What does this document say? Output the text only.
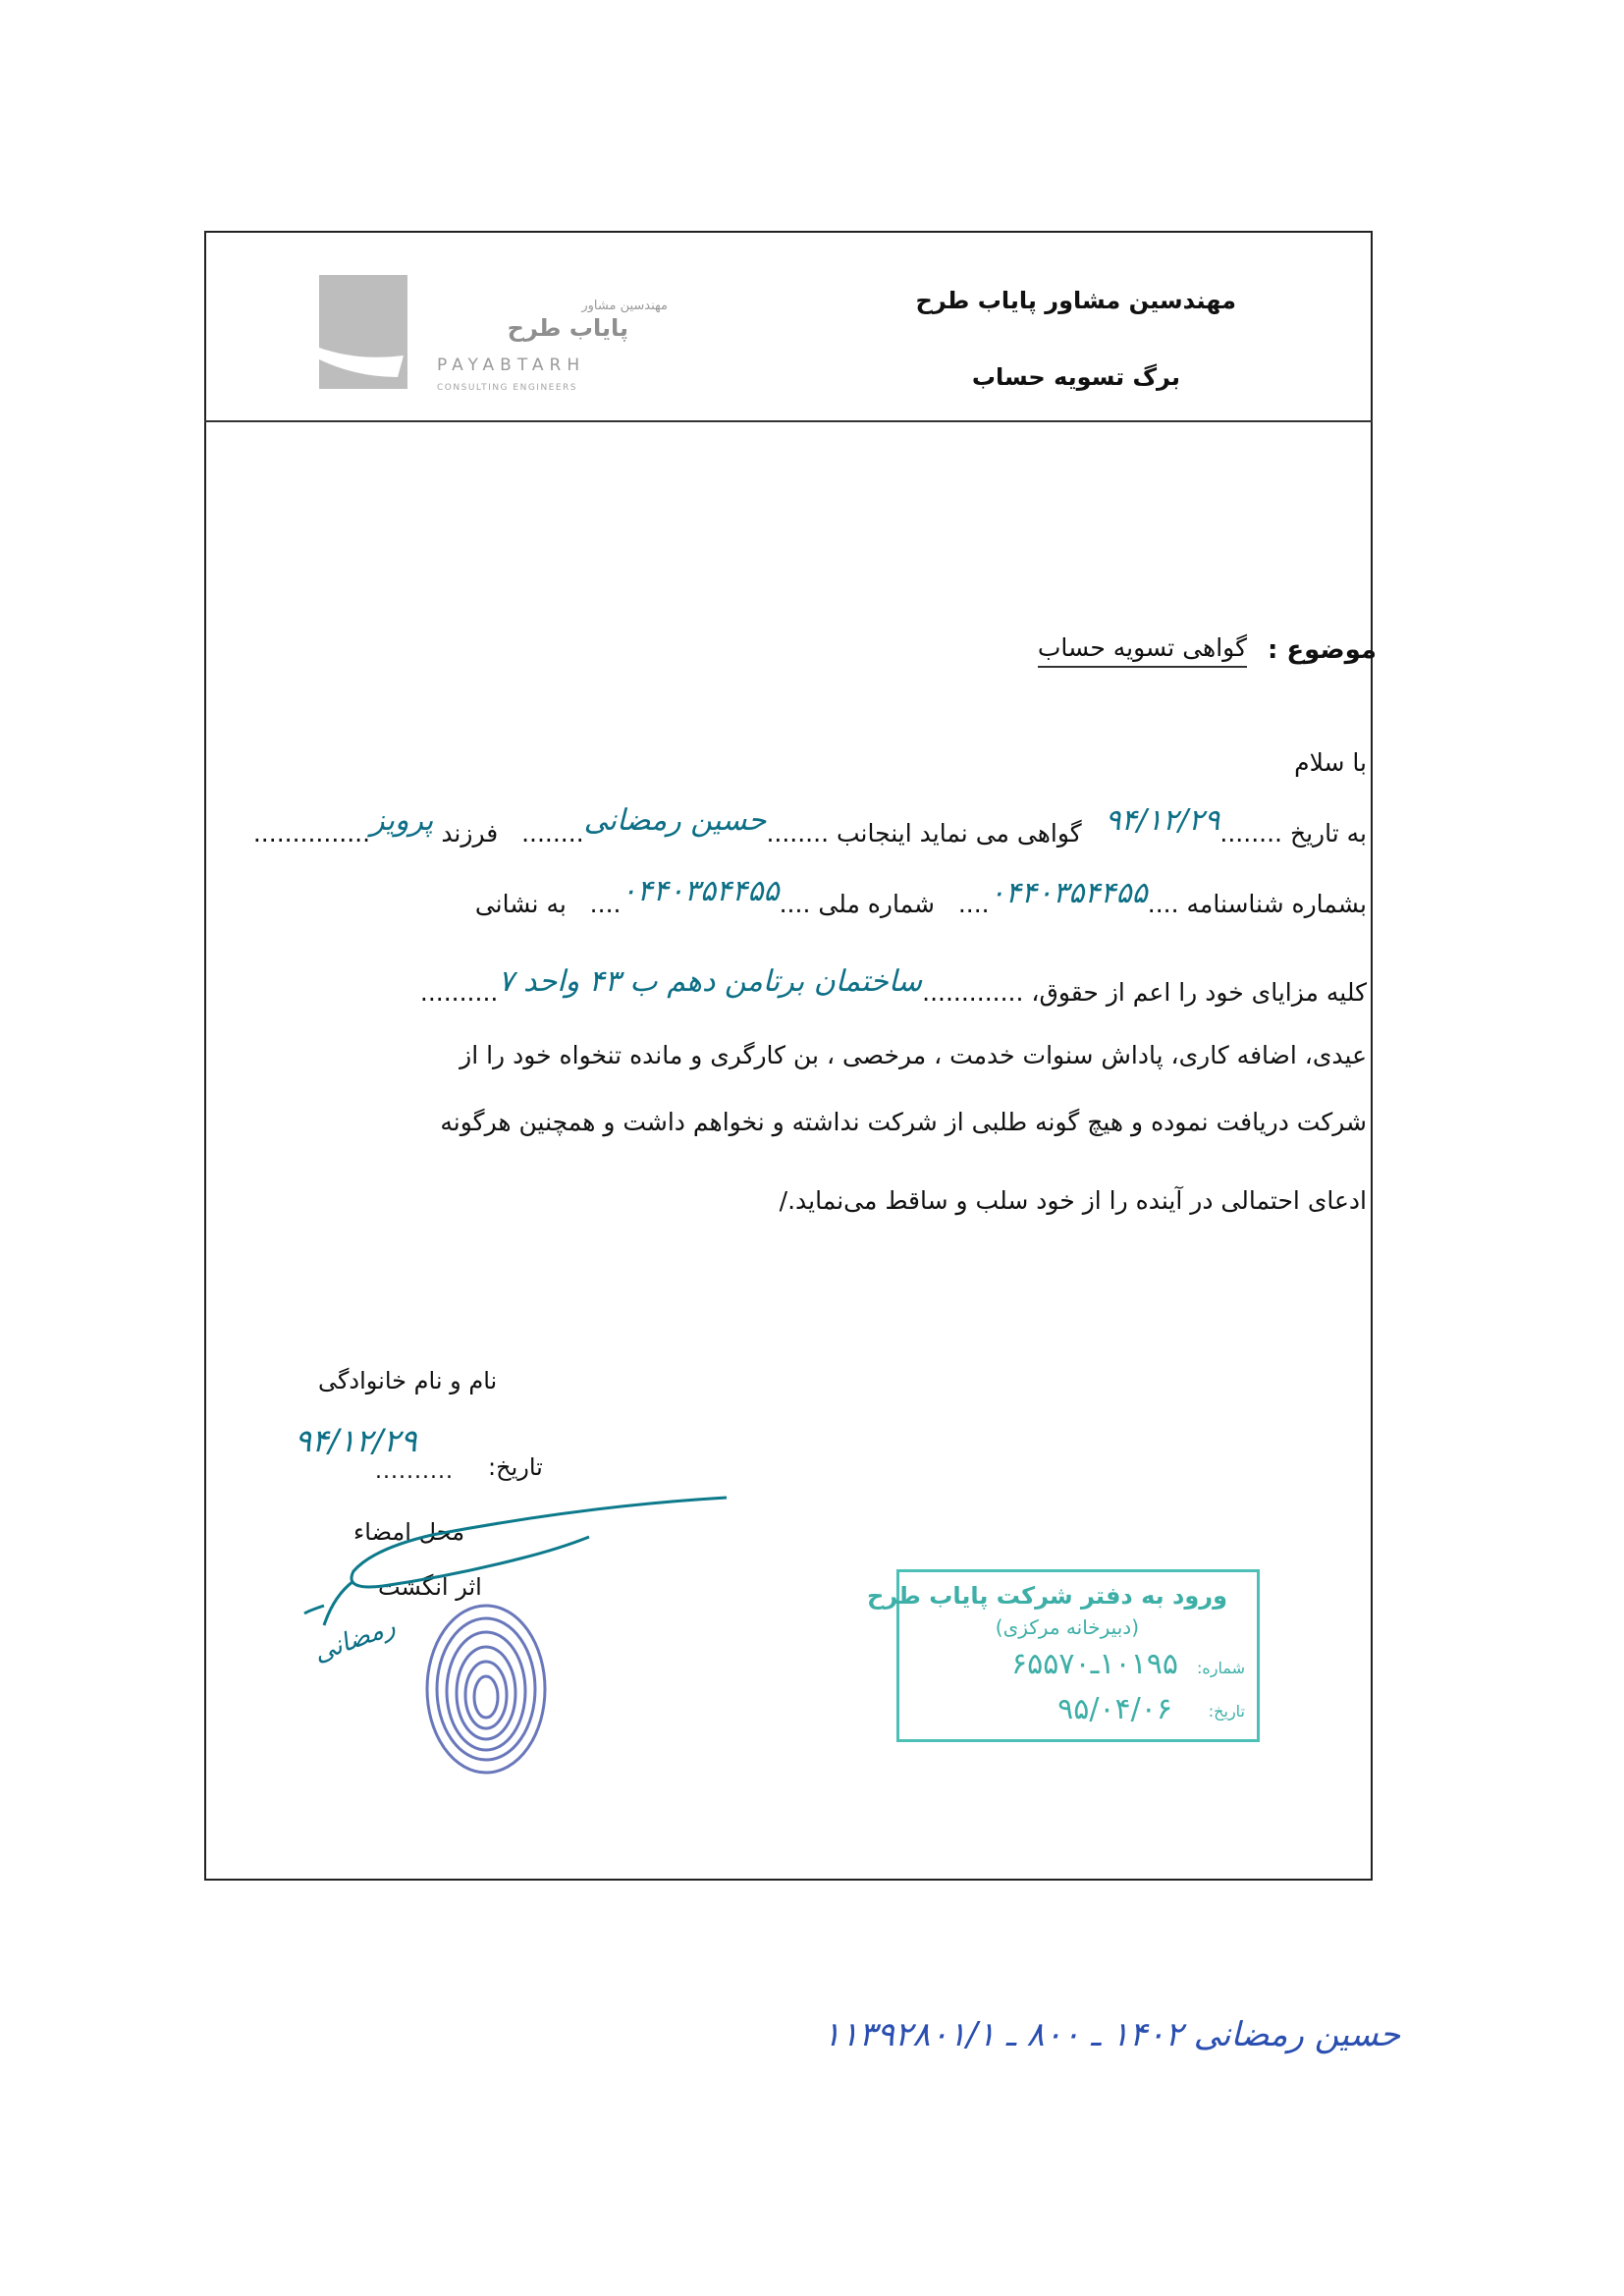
مهندسین مشاور
پایاب طرح
PAYABTARH
CONSULTING ENGINEERS
مهندسین مشاور پایاب طرح
برگ تسویه حساب
موضوع :
گواهی تسویه حساب
با سلام
به تاریخ ........۹۴/۱۲/۲۹   گواهی می نماید اینجانب ........حسین رمضانی........   فرزند پرویز...............
بشماره شناسنامه ....۰۴۴۰۳۵۴۴۵۵....   شماره ملی ....۰۴۴۰۳۵۴۴۵۵....   به نشانی
کلیه مزایای خود را اعم از حقوق، .............ساختمان برتامن دهم ب ۴۳ واحد ۷..........
عیدی، اضافه کاری، پاداش سنوات خدمت ، مرخصی ، بن کارگری و مانده تنخواه خود را از
شرکت دریافت نموده و هیچ گونه طلبی از شرکت نداشته و نخواهم داشت و همچنین هرگونه
ادعای احتمالی در آینده را از خود سلب و ساقط می‌نماید./
نام و نام خانوادگی
۹۴/۱۲/۲۹
.......... تاریخ:
محل امضاء
اثر انگشت
رمضانی
ورود به دفتر شرکت پایاب طرح
(دبیرخانه مرکزی)
شماره:
۱۰۱۹۵ـ۶۵۵۷۰
تاریخ:
۹۵/۰۴/۰۶
حسین رمضانی ۱۴۰۲ ـ ۸۰۰ ـ ۱۱۳۹۲۸۰۱/۱
